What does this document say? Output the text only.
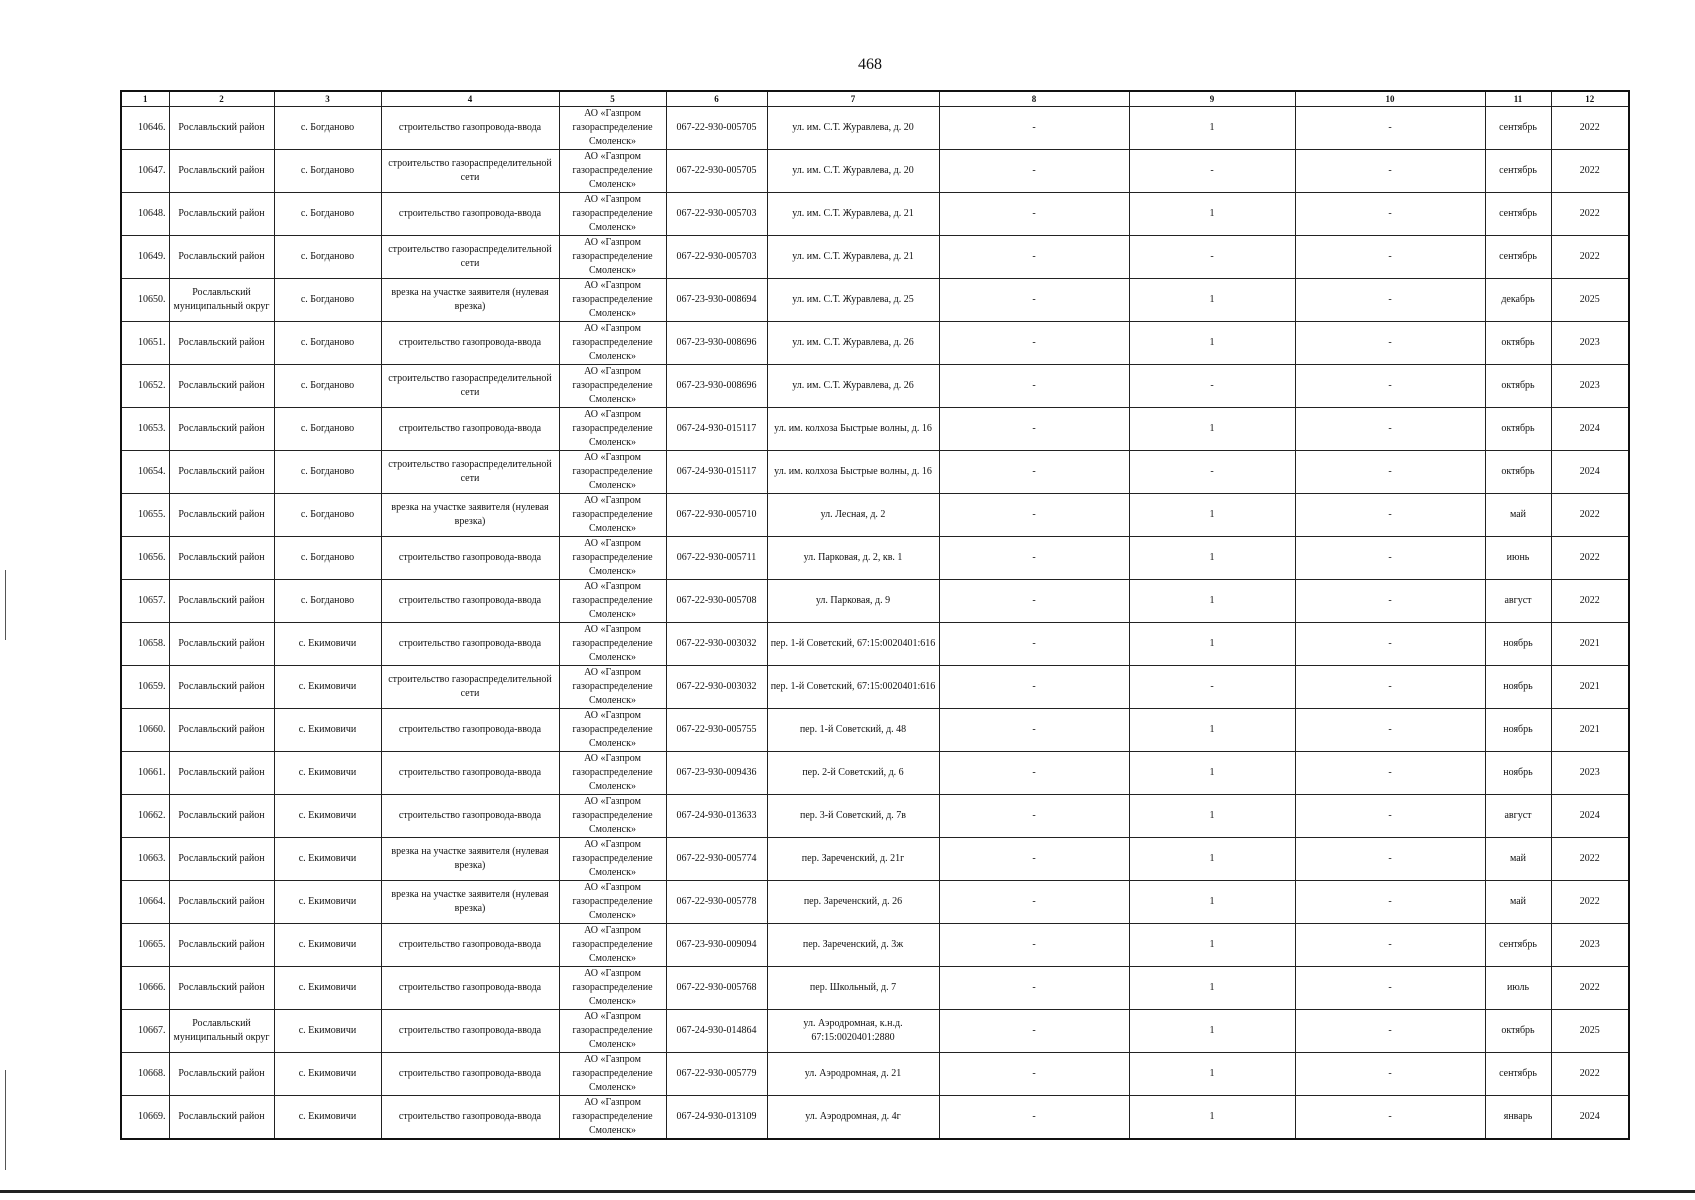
468
1	2	3	4	5	6	7	8	9	10	11	12
10646 .	Рославльский район	с. Богданово	строительство газопровода-ввода	АО «Газпром газораспределение Смоленск»	067-22-930-005705	ул. им. С.Т. Журавлева, д. 20	-	1	-	сентябрь	2022
10647 .	Рославльский район	с. Богданово	строительство газораспределительной сети	АО «Газпром газораспределение Смоленск»	067-22-930-005705	ул. им. С.Т. Журавлева, д. 20	-	-	-	сентябрь	2022
10648 .	Рославльский район	с. Богданово	строительство газопровода-ввода	АО «Газпром газораспределение Смоленск»	067-22-930-005703	ул. им. С.Т. Журавлева, д. 21	-	1	-	сентябрь	2022
10649 .	Рославльский район	с. Богданово	строительство газораспределительной сети	АО «Газпром газораспределение Смоленск»	067-22-930-005703	ул. им. С.Т. Журавлева, д. 21	-	-	-	сентябрь	2022
10650 .	Рославльский муниципальный округ	с. Богданово	врезка на участке заявителя (нулевая врезка)	АО «Газпром газораспределение Смоленск»	067-23-930-008694	ул. им. С.Т. Журавлева, д. 25	-	1	-	декабрь	2025
10651 .	Рославльский район	с. Богданово	строительство газопровода-ввода	АО «Газпром газораспределение Смоленск»	067-23-930-008696	ул. им. С.Т. Журавлева, д. 26	-	1	-	октябрь	2023
10652 .	Рославльский район	с. Богданово	строительство газораспределительной сети	АО «Газпром газораспределение Смоленск»	067-23-930-008696	ул. им. С.Т. Журавлева, д. 26	-	-	-	октябрь	2023
10653 .	Рославльский район	с. Богданово	строительство газопровода-ввода	АО «Газпром газораспределение Смоленск»	067-24-930-015117	ул. им. колхоза Быстрые волны, д. 16	-	1	-	октябрь	2024
10654 .	Рославльский район	с. Богданово	строительство газораспределительной сети	АО «Газпром газораспределение Смоленск»	067-24-930-015117	ул. им. колхоза Быстрые волны, д. 16	-	-	-	октябрь	2024
10655 .	Рославльский район	с. Богданово	врезка на участке заявителя (нулевая врезка)	АО «Газпром газораспределение Смоленск»	067-22-930-005710	ул. Лесная, д. 2	-	1	-	май	2022
10656 .	Рославльский район	с. Богданово	строительство газопровода-ввода	АО «Газпром газораспределение Смоленск»	067-22-930-005711	ул. Парковая, д. 2, кв. 1	-	1	-	июнь	2022
10657 .	Рославльский район	с. Богданово	строительство газопровода-ввода	АО «Газпром газораспределение Смоленск»	067-22-930-005708	ул. Парковая, д. 9	-	1	-	август	2022
10658 .	Рославльский район	с. Екимовичи	строительство газопровода-ввода	АО «Газпром газораспределение Смоленск»	067-22-930-003032	пер. 1-й Советский, 67:15:0020401:616	-	1	-	ноябрь	2021
10659 .	Рославльский район	с. Екимовичи	строительство газораспределительной сети	АО «Газпром газораспределение Смоленск»	067-22-930-003032	пер. 1-й Советский, 67:15:0020401:616	-	-	-	ноябрь	2021
10660 .	Рославльский район	с. Екимовичи	строительство газопровода-ввода	АО «Газпром газораспределение Смоленск»	067-22-930-005755	пер. 1-й Советский, д. 48	-	1	-	ноябрь	2021
10661 .	Рославльский район	с. Екимовичи	строительство газопровода-ввода	АО «Газпром газораспределение Смоленск»	067-23-930-009436	пер. 2-й Советский, д. 6	-	1	-	ноябрь	2023
10662 .	Рославльский район	с. Екимовичи	строительство газопровода-ввода	АО «Газпром газораспределение Смоленск»	067-24-930-013633	пер. 3-й Советский, д. 7в	-	1	-	август	2024
10663 .	Рославльский район	с. Екимовичи	врезка на участке заявителя (нулевая врезка)	АО «Газпром газораспределение Смоленск»	067-22-930-005774	пер. Зареченский, д. 21г	-	1	-	май	2022
10664 .	Рославльский район	с. Екимовичи	врезка на участке заявителя (нулевая врезка)	АО «Газпром газораспределение Смоленск»	067-22-930-005778	пер. Зареченский, д. 26	-	1	-	май	2022
10665 .	Рославльский район	с. Екимовичи	строительство газопровода-ввода	АО «Газпром газораспределение Смоленск»	067-23-930-009094	пер. Зареченский, д. 3ж	-	1	-	сентябрь	2023
10666 .	Рославльский район	с. Екимовичи	строительство газопровода-ввода	АО «Газпром газораспределение Смоленск»	067-22-930-005768	пер. Школьный, д. 7	-	1	-	июль	2022
10667 .	Рославльский муниципальный округ	с. Екимовичи	строительство газопровода-ввода	АО «Газпром газораспределение Смоленск»	067-24-930-014864	ул. Аэродромная, к.н.д. 67:15:0020401:2880	-	1	-	октябрь	2025
10668 .	Рославльский район	с. Екимовичи	строительство газопровода-ввода	АО «Газпром газораспределение Смоленск»	067-22-930-005779	ул. Аэродромная, д. 21	-	1	-	сентябрь	2022
10669 .	Рославльский район	с. Екимовичи	строительство газопровода-ввода	АО «Газпром газораспределение Смоленск»	067-24-930-013109	ул. Аэродромная, д. 4г	-	1	-	январь	2024
